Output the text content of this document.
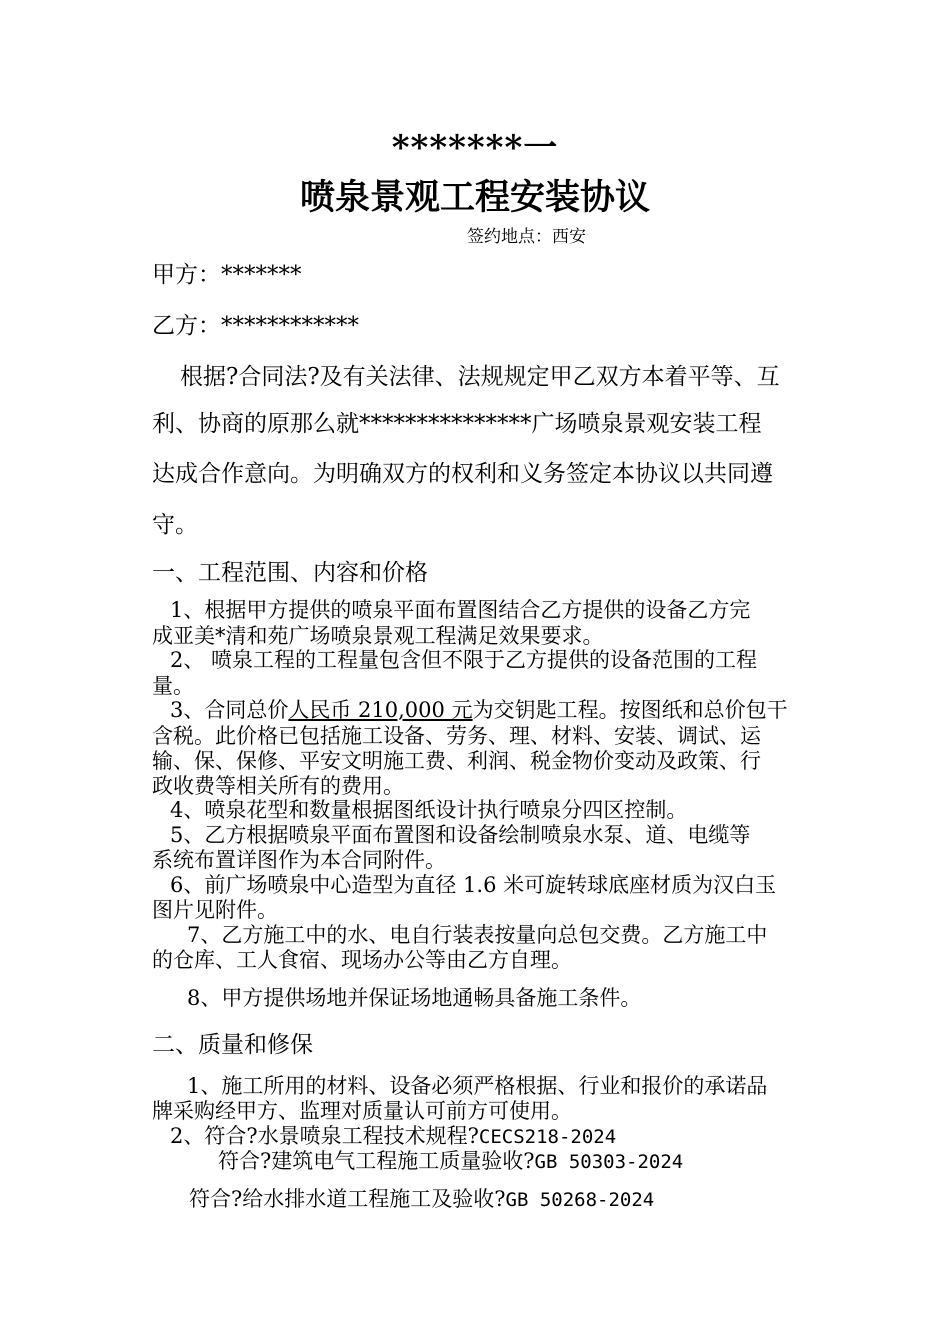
*******一
喷泉景观工程安装协议
签约地点：西安
甲方：*******
乙方：************
根据?合同法?及有关法律、法规规定甲乙双方本着平等、互
利、协商的原那么就***************广场喷泉景观安装工程
达成合作意向。为明确双方的权利和义务签定本协议以共同遵
守。
一、工程范围、内容和价格
1、根据甲方提供的喷泉平面布置图结合乙方提供的设备乙方完
成亚美*清和苑广场喷泉景观工程满足效果要求。
2、 喷泉工程的工程量包含但不限于乙方提供的设备范围的工程
量。
3、合同总价人民币 210,000 元为交钥匙工程。按图纸和总价包干
含税。此价格已包括施工设备、劳务、理、材料、安装、调试、运
输、保、保修、平安文明施工费、利润、税金物价变动及政策、行
政收费等相关所有的费用。
4、喷泉花型和数量根据图纸设计执行喷泉分四区控制。
5、乙方根据喷泉平面布置图和设备绘制喷泉水泵、道、电缆等
系统布置详图作为本合同附件。
6、前广场喷泉中心造型为直径 1.6 米可旋转球底座材质为汉白玉
图片见附件。
7、乙方施工中的水、电自行装表按量向总包交费。乙方施工中
的仓库、工人食宿、现场办公等由乙方自理。
8、甲方提供场地并保证场地通畅具备施工条件。
二、质量和修保
1、施工所用的材料、设备必须严格根据、行业和报价的承诺品
牌采购经甲方、监理对质量认可前方可使用。
2、符合?水景喷泉工程技术规程?CECS218-2024
符合?建筑电气工程施工质量验收?GB 50303-2024
符合?给水排水道工程施工及验收?GB 50268-2024
